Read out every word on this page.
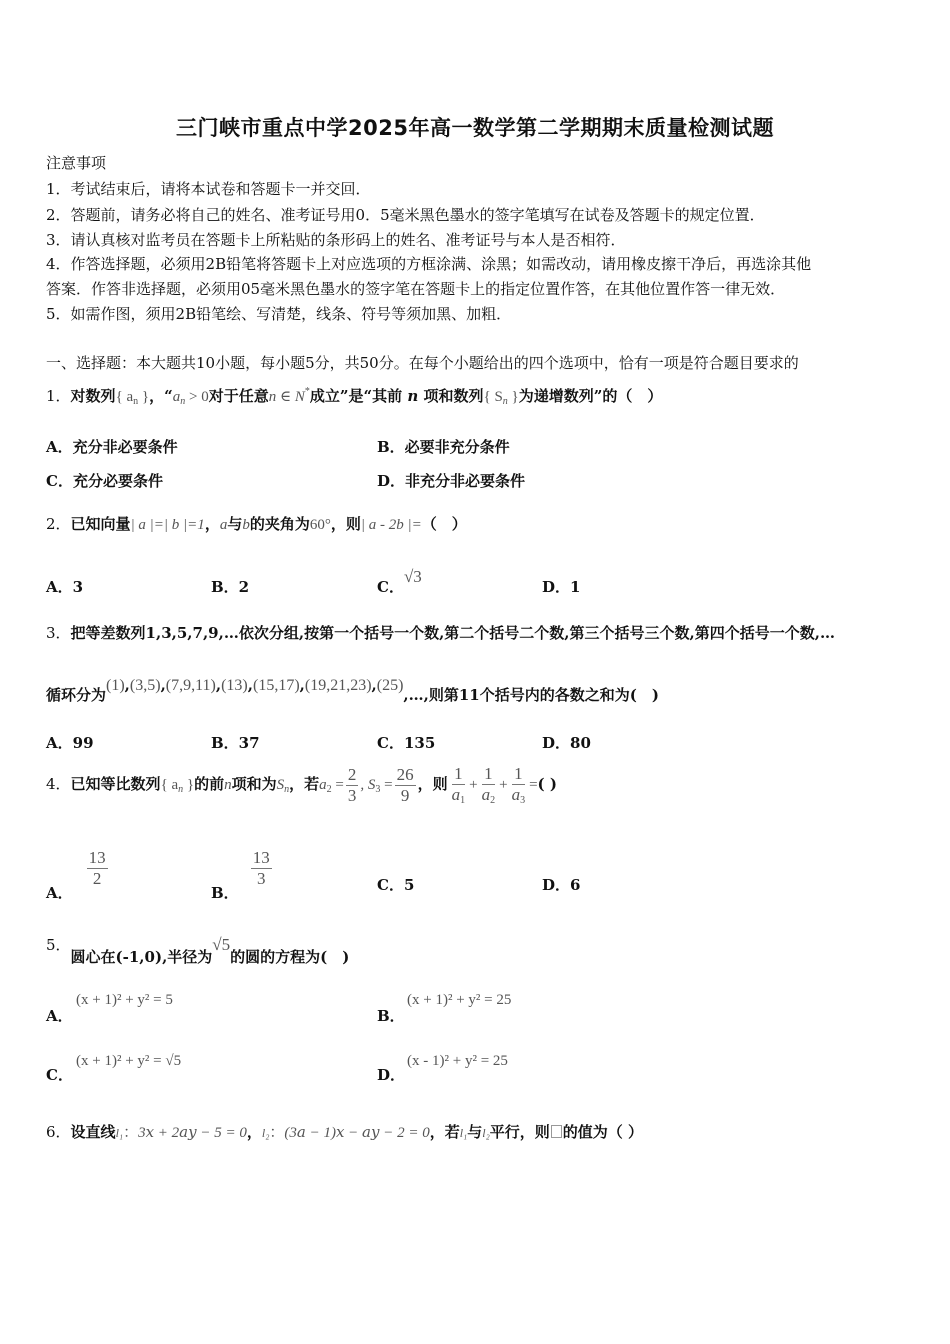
三门峡市重点中学2025年高一数学第二学期期末质量检测试题
注意事项
1．考试结束后，请将本试卷和答题卡一并交回．
2．答题前，请务必将自己的姓名、准考证号用0．5毫米黑色墨水的签字笔填写在试卷及答题卡的规定位置．
3．请认真核对监考员在答题卡上所粘贴的条形码上的姓名、准考证号与本人是否相符．
4．作答选择题，必须用2B铅笔将答题卡上对应选项的方框涂满、涂黑；如需改动，请用橡皮擦干净后，再选涂其他
答案．作答非选择题，必须用05毫米黑色墨水的签字笔在答题卡上的指定位置作答，在其他位置作答一律无效．
5．如需作图，须用2B铅笔绘、写清楚，线条、符号等须加黑、加粗．
一、选择题：本大题共10小题，每小题5分，共50分。在每个小题给出的四个选项中，恰有一项是符合题目要求的
1．对数列{ $a_n$ }，“$a_n > 0$对于任意n ∈ N*成立”是“其前 n 项和数列{ $S_n$ }为递增数列”的（　）
A．充分非必要条件	B．必要非充分条件
C．充分必要条件	D．非充分非必要条件
2．已知向量| a |=| b |=1，a与b的夹角为60°，则| a - 2b |=（　）
A．3	B．2	C．√3
D．1
3．把等差数列1,3,5,7,9,…依次分组,按第一个括号一个数,第二个括号二个数,第三个括号三个数,第四个括号一个数,…
循环分为(1),(3,5),(7,9,11),(13),(15,17),(19,21,23),(25),…,则第11个括号内的各数之和为(　)
A．99	B．37	C．135	D．80
4．已知等比数列{ $a_n$ }的前n项和为$S_n$，若$a_2 = \frac{2}{3}$ , $S_3 = \frac{26}{9}$ ，则 $\frac{1}{a_1} + \frac{1}{a_2} + \frac{1}{a_3}$ =( )
A．
$\frac{13}{2}$
B．
$\frac{13}{3}$	C．5	D．6
5．圆心在(-1,0),半径为√5的圆的方程为(　)
A．
(x + 1)² + y² = 5
B．
(x + 1)² + y² = 25
C．
(x + 1)² + y² = √5
D．
(x - 1)² + y² = 25
6．设直线l₁：3𝑥 + 2𝑎𝑦 − 5 = 0，l₂：(3𝑎 − 1)𝑥 − 𝑎𝑦 − 2 = 0，若l₁与l₂平行，则 的值为（ ）
